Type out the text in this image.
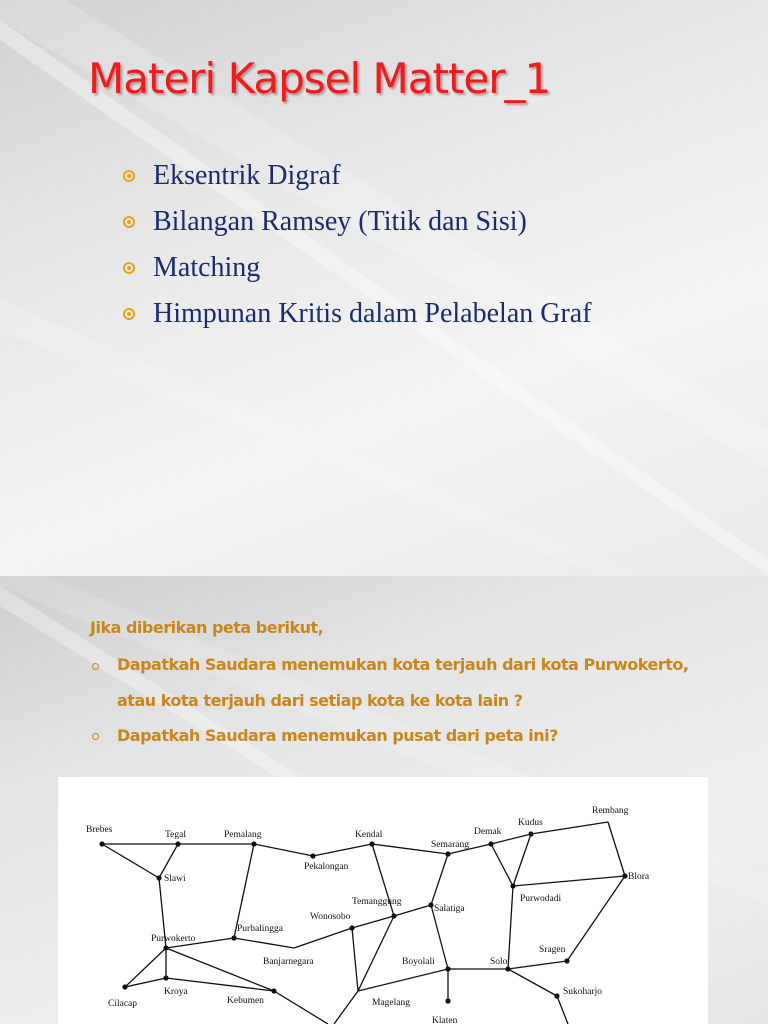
Materi Kapsel Matter_1
Eksentrik Digraf
Bilangan Ramsey (Titik dan Sisi)
Matching
Himpunan Kritis dalam Pelabelan Graf

Jika diberikan peta berikut,

Dapatkah Saudara menemukan kota terjauh dari kota Purwokerto,

atau kota terjauh dari setiap kota ke kota lain ?

Dapatkah Saudara menemukan pusat dari peta ini?

Brebes	Tegal	Pemalang	Kendal
Semarang
Demak
Kudus
Rembang
Blora
Slawi
Pekalongan
Temanggung
Wonosobo
Salatiga
Purwodadi
Purwokerto
Purbalingga
Banjarnegara	Boyolali	Solo
Sragen
Cilacap
Kroya
Kebumen	Magelang
Sukoharjo
Klaten
